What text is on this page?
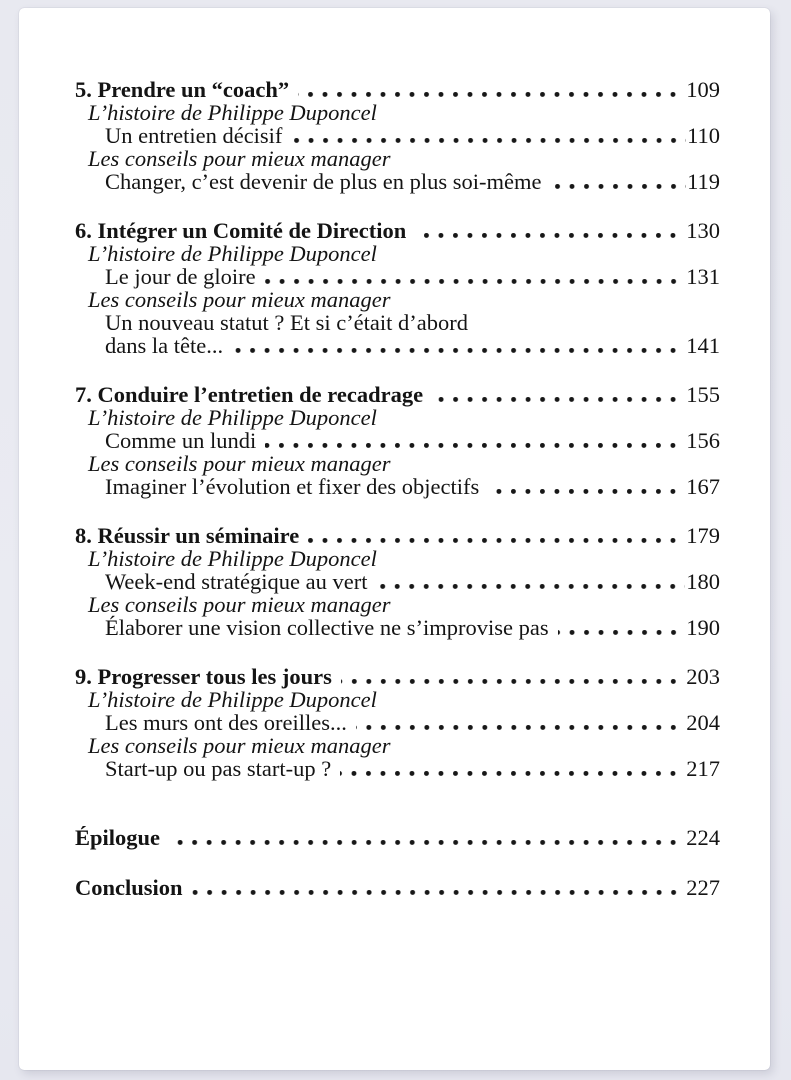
5. Prendre un “coach”	109
L’histoire de Philippe Duponcel
Un entretien décisif	110
Les conseils pour mieux manager
Changer, c’est devenir de plus en plus soi-même	119
6. Intégrer un Comité de Direction	130
L’histoire de Philippe Duponcel
Le jour de gloire	131
Les conseils pour mieux manager
Un nouveau statut ? Et si c’était d’abord
dans la tête...	141
7. Conduire l’entretien de recadrage	155
L’histoire de Philippe Duponcel
Comme un lundi	156
Les conseils pour mieux manager
Imaginer l’évolution et fixer des objectifs	167
8. Réussir un séminaire	179
L’histoire de Philippe Duponcel
Week-end stratégique au vert	180
Les conseils pour mieux manager
Élaborer une vision collective ne s’improvise pas	190
9. Progresser tous les jours	203
L’histoire de Philippe Duponcel
Les murs ont des oreilles...	204
Les conseils pour mieux manager
Start-up ou pas start-up ?	217
Épilogue	224
Conclusion	227
